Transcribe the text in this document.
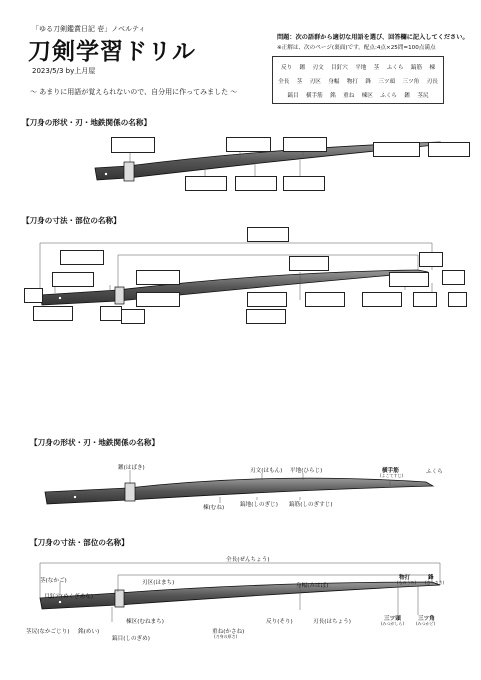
「ゆる刀剣鑑賞日記 壱」ノベルティ
刀剣学習ドリル
2023/5/3 by上月屋
～ あまりに用語が覚えられないので、自分用に作ってみました ～
問題：次の語群から適切な用語を選び、回答欄に記入してください。
※正解は、次のページ(裏面)です。配点:4点×25問=100点満点
反り　 鎺　 刃文　 目釘穴　 平地　 茎　 ふくら　 鎬筋　 棟
全長　 茎　 刃区　 身幅　 物打　 鋒　 三ツ頭　 三ツ角　 刃長
鎬目　 横手筋　 銘　 重ね　 棟区　 ふくら　 鎺　 茎尻
【刀身の形状・刃・地鉄関係の名称】
【刀身の寸法・部位の名称】
【刀身の形状・刃・地鉄関係の名称】
【刀身の寸法・部位の名称】
鎺(はばき)	刃文(はもん) 平地(ひらじ)	横手筋
(よこてすじ)
ふくら
棟(むね)	鎬地(しのぎじ) 鎬筋(しのぎすじ)
全長(ぜんちょう)
茎(なかご)
目釘穴(めくぎあな)
刃区(はまち)	身幅(みはば)
物打
(ものうち)
鋒
(きっさき)
茎尻(なかごじり) 銘(めい)
棟区(むねまち)
鎬目(しのぎめ)
重ね(かさね)
(刀身の厚さ)
反り(そり)	刃長(はちょう)	三ツ頭
(みつがしら)
三ツ角
(みつかど)
